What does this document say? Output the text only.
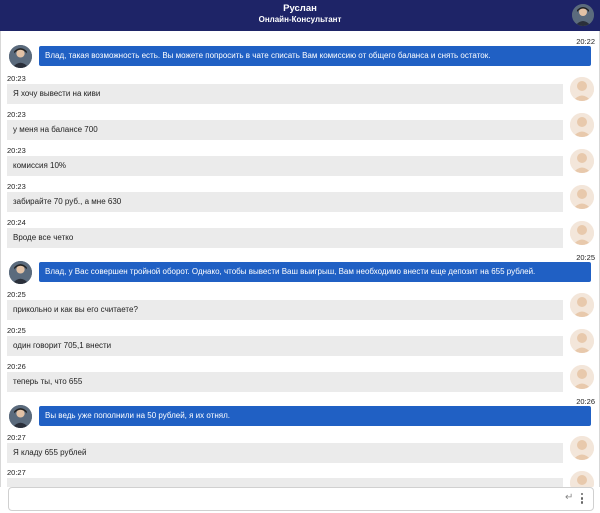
Руслан
Онлайн-Консультант
20:22
Влад, такая возможность есть. Вы можете попросить в чате списать Вам комиссию от общего баланса и снять остаток.
20:23
Я хочу вывести на киви
20:23
у меня на балансе 700
20:23
комиссия 10%
20:23
забирайте 70 руб., а мне 630
20:24
Вроде все четко
20:25
Влад, у Вас совершен тройной оборот. Однако, чтобы вывести Ваш выигрыш, Вам необходимо внести еще депозит на 655 рублей.
20:25
прикольно и как вы его считаете?
20:25
один говорит 705,1 внести
20:26
теперь ты, что 655
20:26
Вы ведь уже пополнили на 50 рублей, я их отнял.
20:27
Я кладу 655 рублей
20:27
↵
